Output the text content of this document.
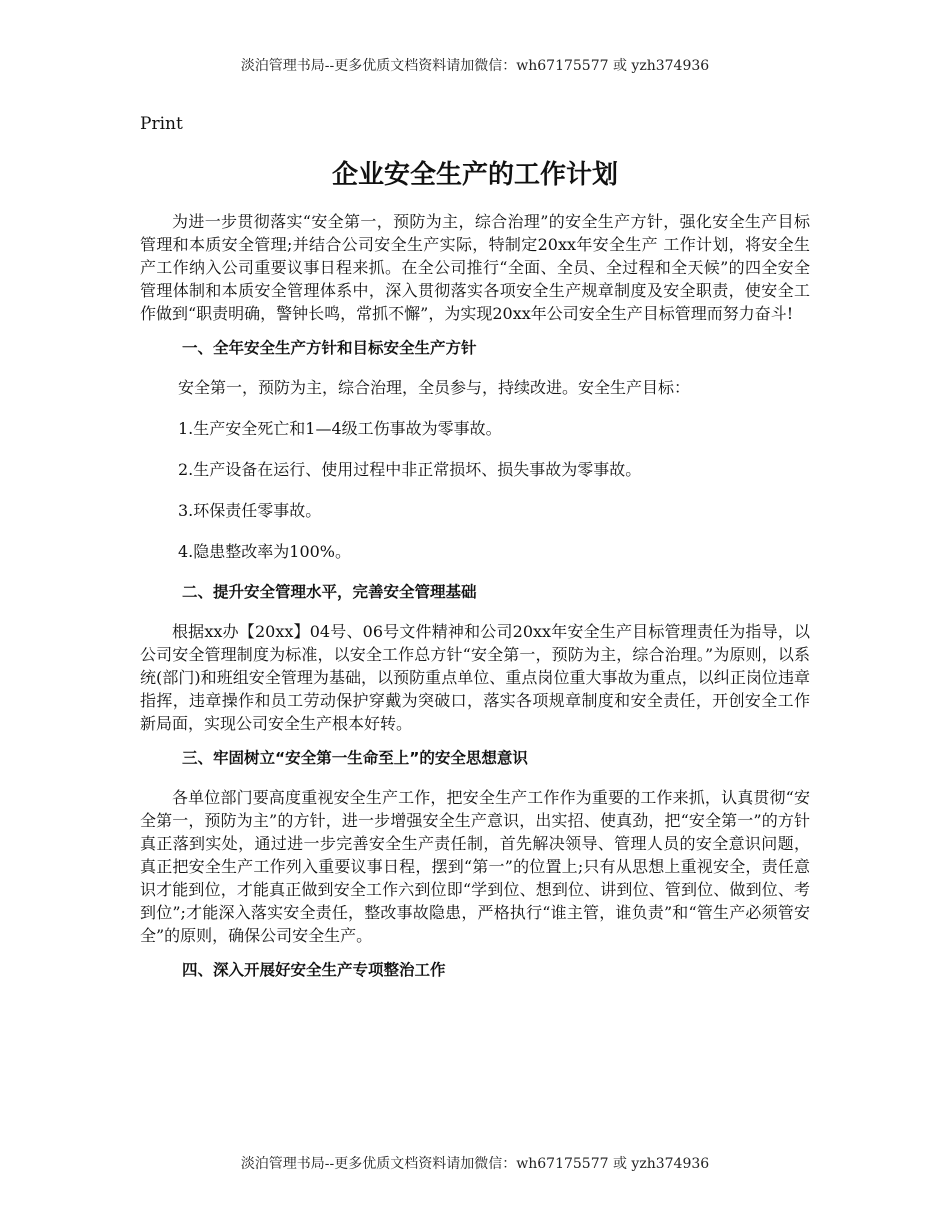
淡泊管理书局--更多优质文档资料请加微信：wh67175577 或 yzh374936
Print
企业安全生产的工作计划

为进一步贯彻落实“安全第一，预防为主，综合治理”的安全生产方针，强化安全生产目标管理和本质安全管理;并结合公司安全生产实际，特制定20xx年安全生产 工作计划，将安全生产工作纳入公司重要议事日程来抓。在全公司推行“全面、全员、全过程和全天候”的四全安全管理体制和本质安全管理体系中，深入贯彻落实各项安全生产规章制度及安全职责，使安全工作做到“职责明确，警钟长鸣，常抓不懈”，为实现20xx年公司安全生产目标管理而努力奋斗!

一、全年安全生产方针和目标安全生产方针

安全第一，预防为主，综合治理，全员参与，持续改进。安全生产目标：

1.生产安全死亡和1—4级工伤事故为零事故。

2.生产设备在运行、使用过程中非正常损坏、损失事故为零事故。

3.环保责任零事故。

4.隐患整改率为100%。

二、提升安全管理水平，完善安全管理基础

根据xx办【20xx】04号、06号文件精神和公司20xx年安全生产目标管理责任为指导，以公司安全管理制度为标准，以安全工作总方针“安全第一，预防为主，综合治理。”为原则，以系统(部门)和班组安全管理为基础，以预防重点单位、重点岗位重大事故为重点，以纠正岗位违章指挥，违章操作和员工劳动保护穿戴为突破口，落实各项规章制度和安全责任，开创安全工作新局面，实现公司安全生产根本好转。

三、牢固树立“安全第一生命至上”的安全思想意识

各单位部门要高度重视安全生产工作，把安全生产工作作为重要的工作来抓，认真贯彻“安全第一，预防为主”的方针，进一步增强安全生产意识，出实招、使真劲，把“安全第一”的方针真正落到实处，通过进一步完善安全生产责任制，首先解决领导、管理人员的安全意识问题，真正把安全生产工作列入重要议事日程，摆到“第一”的位置上;只有从思想上重视安全，责任意识才能到位，才能真正做到安全工作六到位即“学到位、想到位、讲到位、管到位、做到位、考到位”;才能深入落实安全责任，整改事故隐患，严格执行“谁主管，谁负责”和“管生产必须管安全”的原则，确保公司安全生产。

四、深入开展好安全生产专项整治工作

淡泊管理书局--更多优质文档资料请加微信：wh67175577 或 yzh374936
